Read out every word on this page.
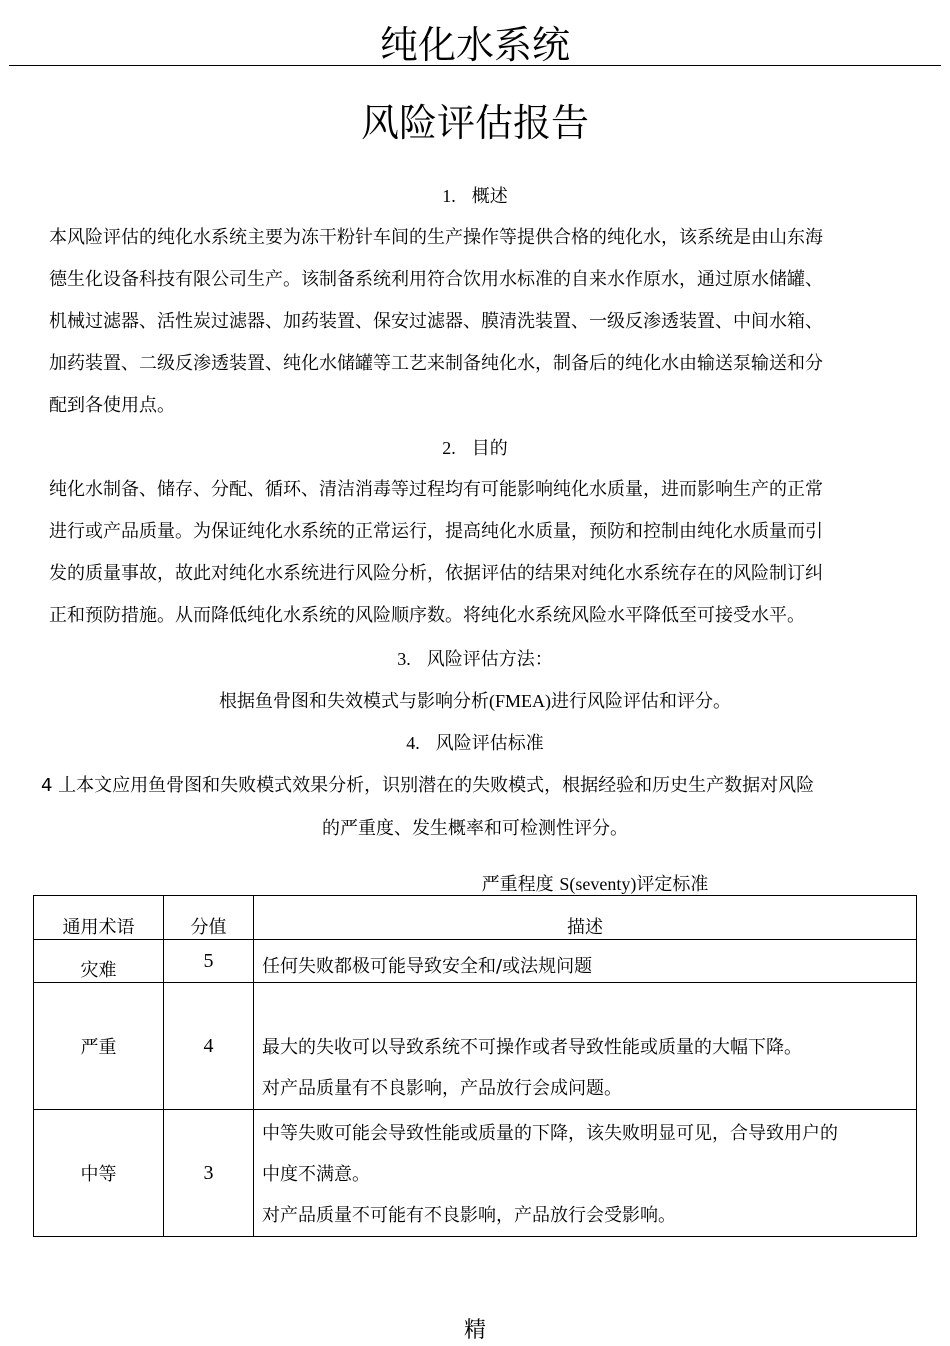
纯化水系统
风险评估报告
1. 概述
本风险评估的纯化水系统主要为冻干粉针车间的生产操作等提供合格的纯化水，该系统是由山东海
德生化设备科技有限公司生产。该制备系统利用符合饮用水标准的自来水作原水，通过原水储罐、
机械过滤器、活性炭过滤器、加药装置、保安过滤器、膜清洗装置、一级反渗透装置、中间水箱、
加药装置、二级反渗透装置、纯化水储罐等工艺来制备纯化水，制备后的纯化水由输送泵输送和分
配到各使用点。
2. 目的
纯化水制备、储存、分配、循环、清洁消毒等过程均有可能影响纯化水质量，进而影响生产的正常
进行或产品质量。为保证纯化水系统的正常运行，提高纯化水质量，预防和控制由纯化水质量而引
发的质量事故，故此对纯化水系统进行风险分析，依据评估的结果对纯化水系统存在的风险制订纠
正和预防措施。从而降低纯化水系统的风险顺序数。将纯化水系统风险水平降低至可接受水平。
3. 风险评估方法：
根据鱼骨图和失效模式与影响分析(FMEA)进行风险评估和评分。
4. 风险评估标准
4 丄本文应用鱼骨图和失败模式效果分析，识别潜在的失败模式，根据经验和历史生产数据对风险
的严重度、发生概率和可检测性评分。
严重程度 S(seventy)评定标准
通用术语	分值	描述
灾难	5	任何失败都极可能导致安全和/或法规问题

严重	4	最大的失收可以导致系统不可操作或者导致性能或质量的大幅下降。
对产品质量有不良影响，产品放行会成问题。

中等	3	中等失败可能会导致性能或质量的下降，该失败明显可见，合导致用户的
中度不满意。
对产品质量不可能有不良影响，产品放行会受影响。
精
